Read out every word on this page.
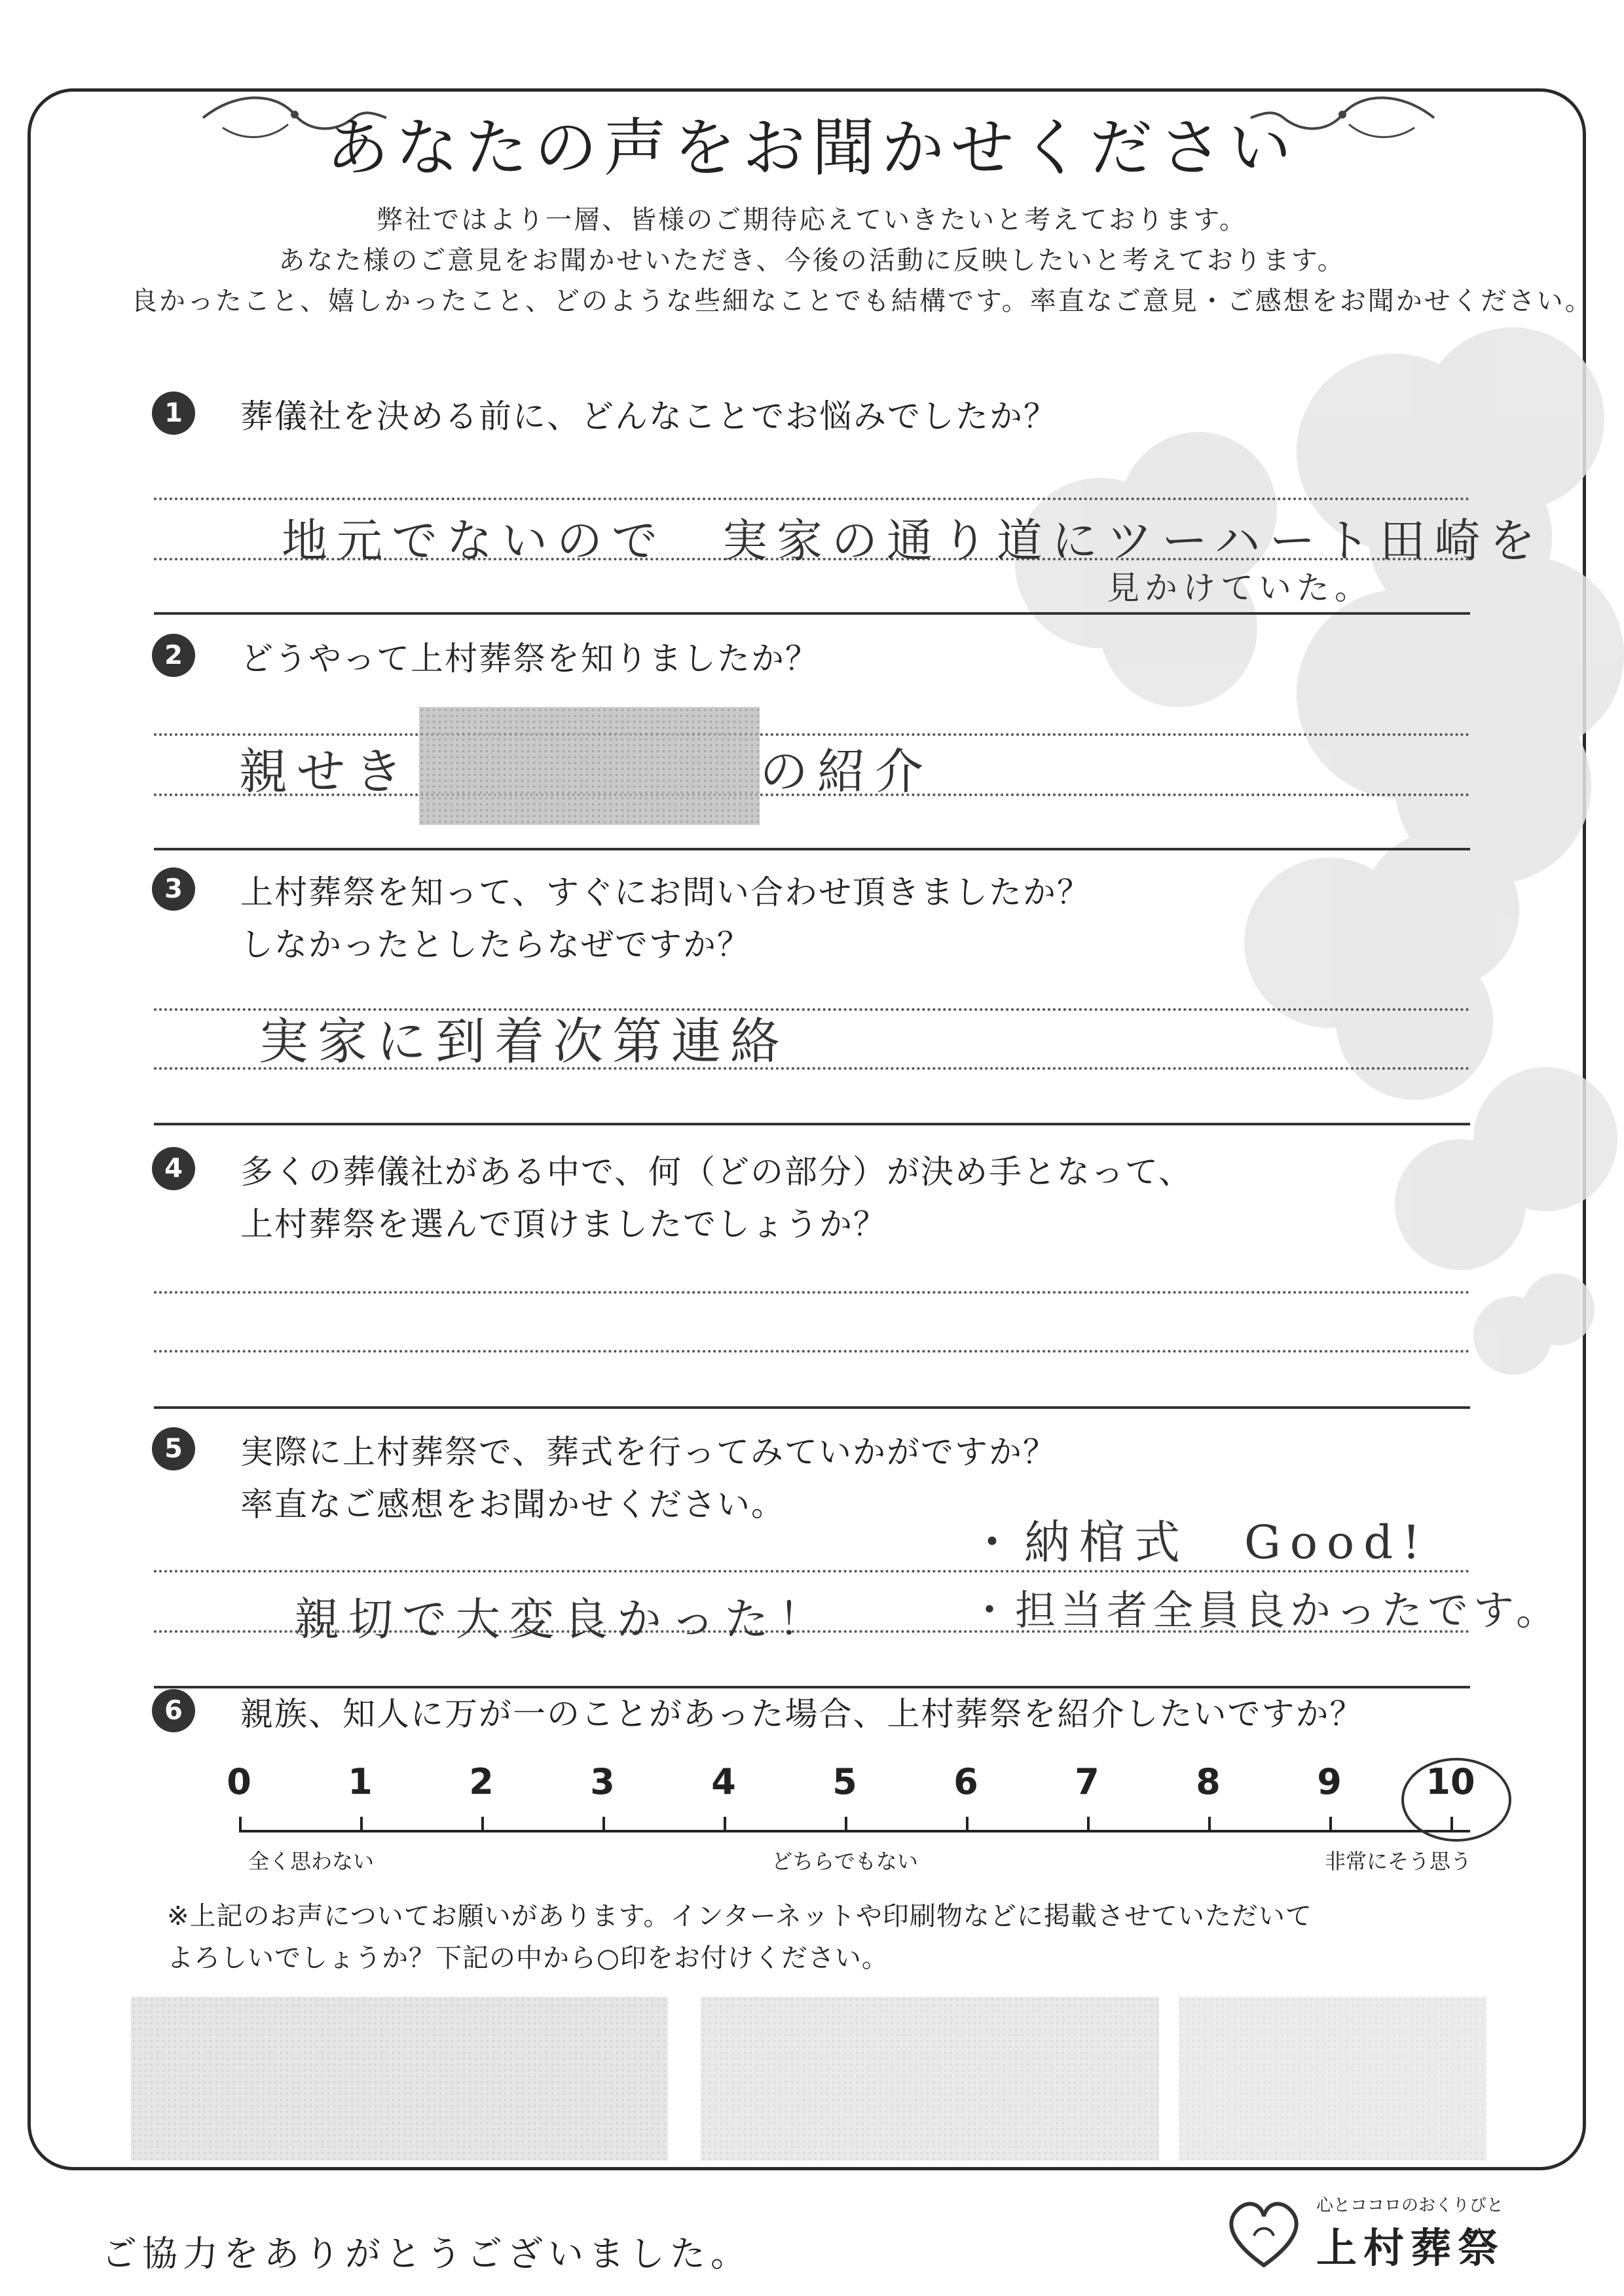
あなたの声をお聞かせください
弊社ではより一層、皆様のご期待応えていきたいと考えております。
あなた様のご意見をお聞かせいただき、今後の活動に反映したいと考えております。
良かったこと、嬉しかったこと、どのような些細なことでも結構です。率直なご意見・ご感想をお聞かせください。
1	葬儀社を決める前に、どんなことでお悩みでしたか？
地元でないので　実家の通り道にツーハート田崎を
見かけていた。
2	どうやって上村葬祭を知りましたか？
親せき	の紹介
3	上村葬祭を知って、すぐにお問い合わせ頂きましたか？
しなかったとしたらなぜですか？
実家に到着次第連絡
4	多くの葬儀社がある中で、何（どの部分）が決め手となって、
上村葬祭を選んで頂けましたでしょうか？
5	実際に上村葬祭で、葬式を行ってみていかがですか？
率直なご感想をお聞かせください。
・納棺式　Good!
親切で大変良かった！	・担当者全員良かったです。
6	親族、知人に万が一のことがあった場合、上村葬祭を紹介したいですか？
0	1	2	3	4	5	6	7	8	9 10
全く思わない	どちらでもない	非常にそう思う
※上記のお声についてお願いがあります。インターネットや印刷物などに掲載させていただいて
よろしいでしょうか？下記の中から○印をお付けください。
ご協力をありがとうございました。
心とココロのおくりびと
上村葬祭
